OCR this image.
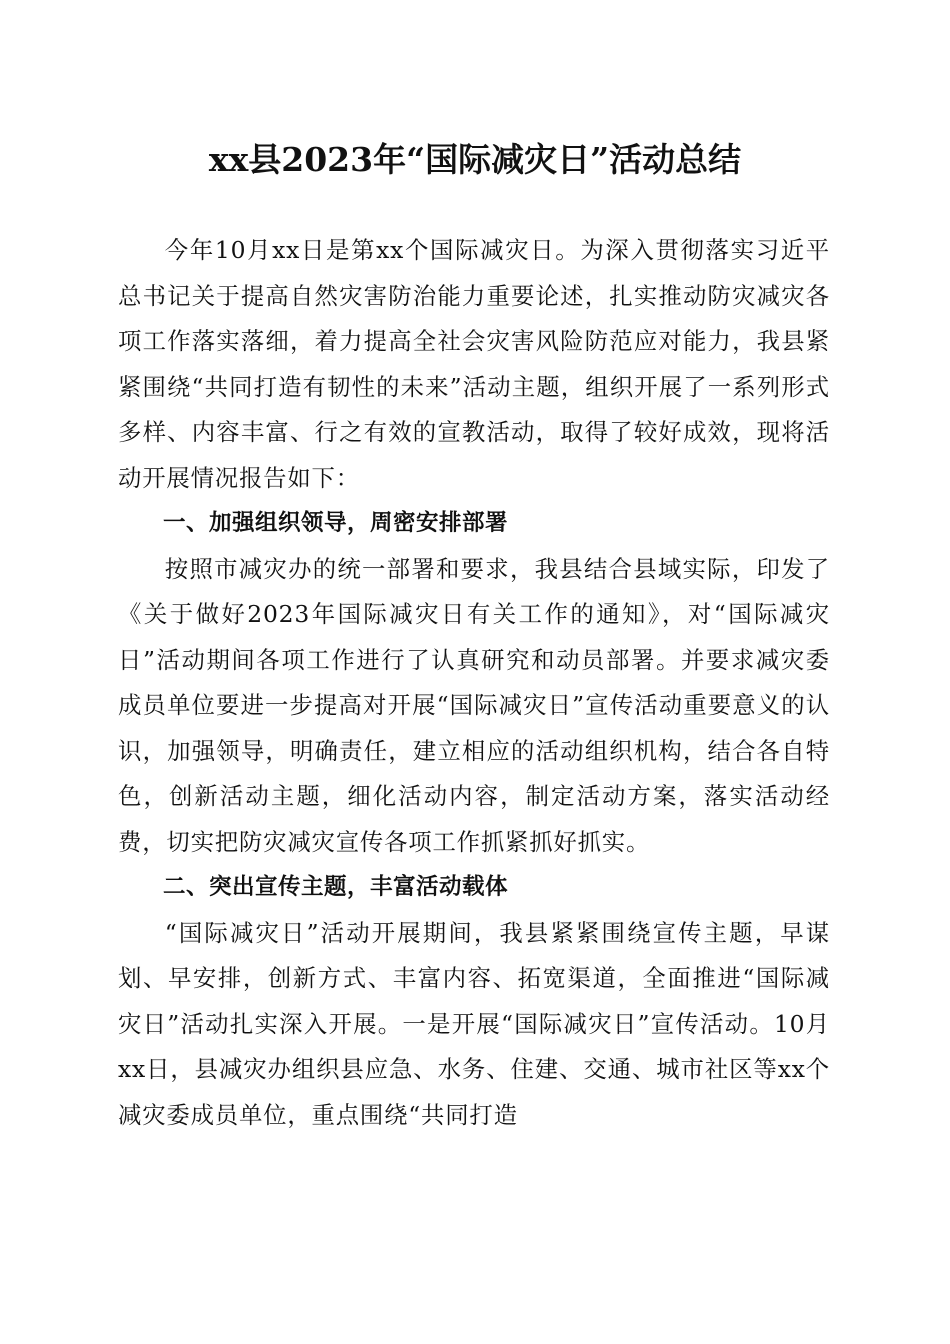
xx县2023年“国际减灾日”活动总结

今年10月xx日是第xx个国际减灾日。为深入贯彻落实习近平总书记关于提高自然灾害防治能力重要论述，扎实推动防灾减灾各项工作落实落细，着力提高全社会灾害风险防范应对能力，我县紧紧围绕“共同打造有韧性的未来”活动主题，组织开展了一系列形式多样、内容丰富、行之有效的宣教活动，取得了较好成效，现将活动开展情况报告如下：

一、加强组织领导，周密安排部署

按照市减灾办的统一部署和要求，我县结合县域实际，印发了《关于做好2023年国际减灾日有关工作的通知》，对“国际减灾日”活动期间各项工作进行了认真研究和动员部署。并要求减灾委成员单位要进一步提高对开展“国际减灾日”宣传活动重要意义的认识，加强领导，明确责任，建立相应的活动组织机构，结合各自特色，创新活动主题，细化活动内容，制定活动方案，落实活动经费，切实把防灾减灾宣传各项工作抓紧抓好抓实。

二、突出宣传主题，丰富活动载体

“国际减灾日”活动开展期间，我县紧紧围绕宣传主题，早谋划、早安排，创新方式、丰富内容、拓宽渠道，全面推进“国际减灾日”活动扎实深入开展。一是开展“国际减灾日”宣传活动。10月xx日，县减灾办组织县应急、水务、住建、交通、城市社区等xx个减灾委成员单位，重点围绕“共同打造
